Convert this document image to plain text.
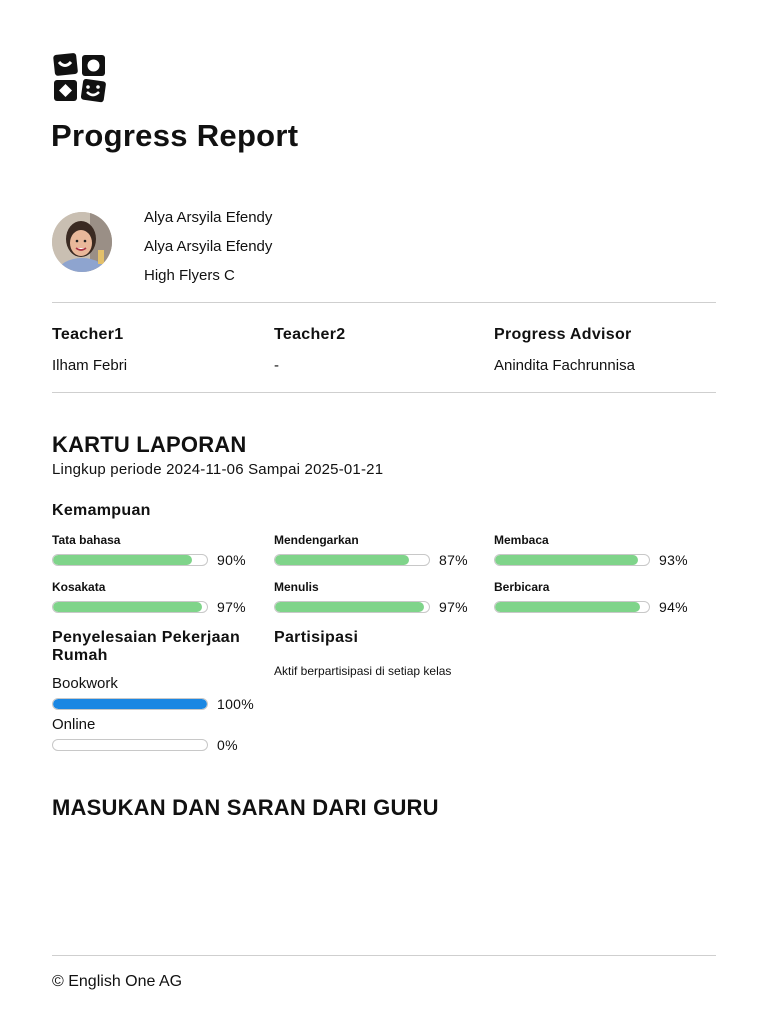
Progress Report
Alya Arsyila Efendy
Alya Arsyila Efendy
High Flyers C
Teacher1
Ilham Febri
Teacher2
-
Progress Advisor
Anindita Fachrunnisa
KARTU LAPORAN
Lingkup periode 2024-11-06 Sampai 2025-01-21
Kemampuan
Tata bahasa
90%
Mendengarkan
87%
Membaca
93%
Kosakata
97%
Menulis
97%
Berbicara
94%
Penyelesaian Pekerjaan Rumah
Bookwork
100%
Online
0%
Partisipasi
Aktif berpartisipasi di setiap kelas
MASUKAN DAN SARAN DARI GURU
© English One AG
